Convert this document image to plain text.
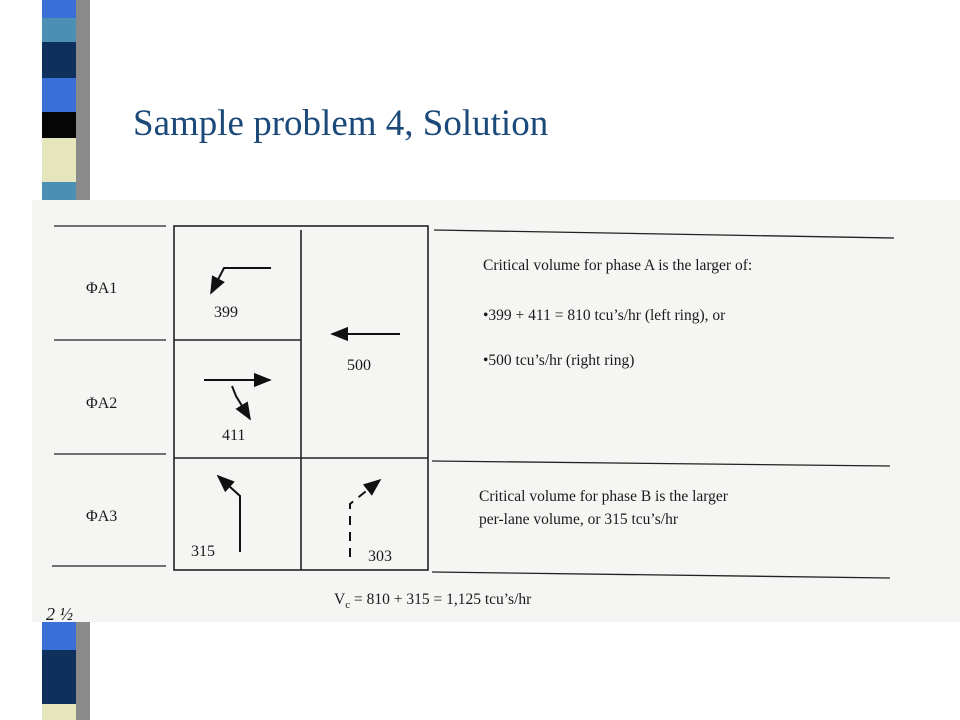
Sample problem 4, Solution
ΦA1
ΦA2
ΦA3
399
500
411
315	303
Critical volume for phase A is the larger of:
•399 + 411 = 810 tcu’s/hr (left ring), or
•500 tcu’s/hr (right ring)
Critical volume for phase B is the larger
per-lane volume, or 315 tcu’s/hr
$V_c = 810 + 315 = 1,125$ tcu’s/hr
2 ½
